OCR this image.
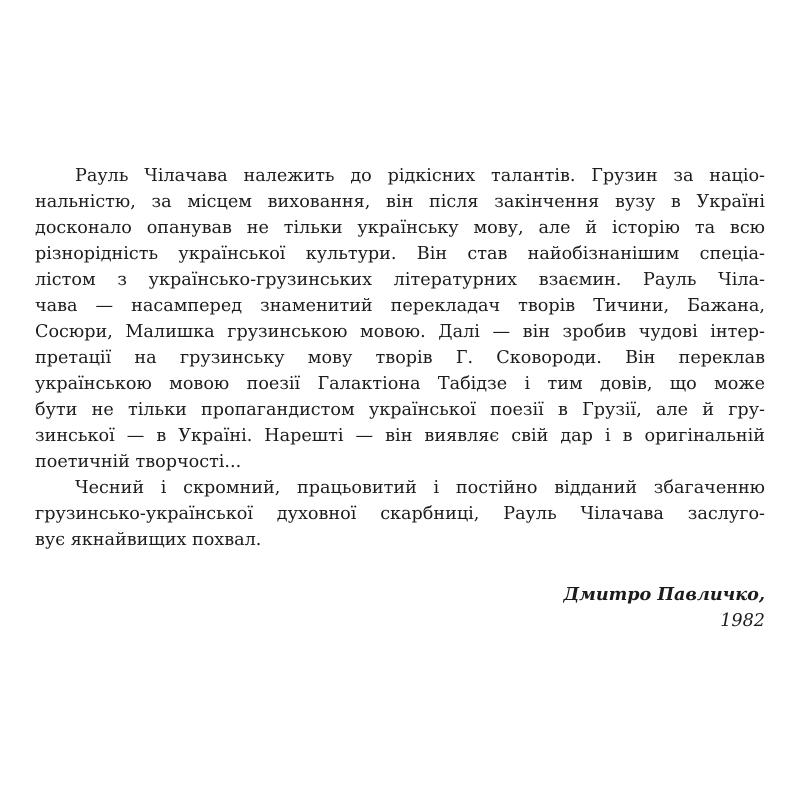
Рауль Чілачава належить до рідкісних талантів. Грузин за націо-
нальністю, за місцем виховання, він після закінчення вузу в Україні
досконало опанував не тільки українську мову, але й історію та всю
різнорідність української культури. Він став найобізнанішим спеціа-
лістом з українсько-грузинських літературних взаємин. Рауль Чіла-
чава — насамперед знаменитий перекладач творів Тичини, Бажана,
Сосюри, Малишка грузинською мовою. Далі — він зробив чудові інтер-
претації на грузинську мову творів Г. Сковороди. Він переклав
українською мовою поезії Галактіона Табідзе і тим довів, що може
бути не тільки пропагандистом української поезії в Грузії, але й гру-
зинської — в Україні. Нарешті — він виявляє свій дар і в оригінальній
поетичній творчості...
Чесний і скромний, працьовитий і постійно відданий збагаченню
грузинсько-української духовної скарбниці, Рауль Чілачава заслуго-
вує якнайвищих похвал.
Дмитро Павличко,
1982
